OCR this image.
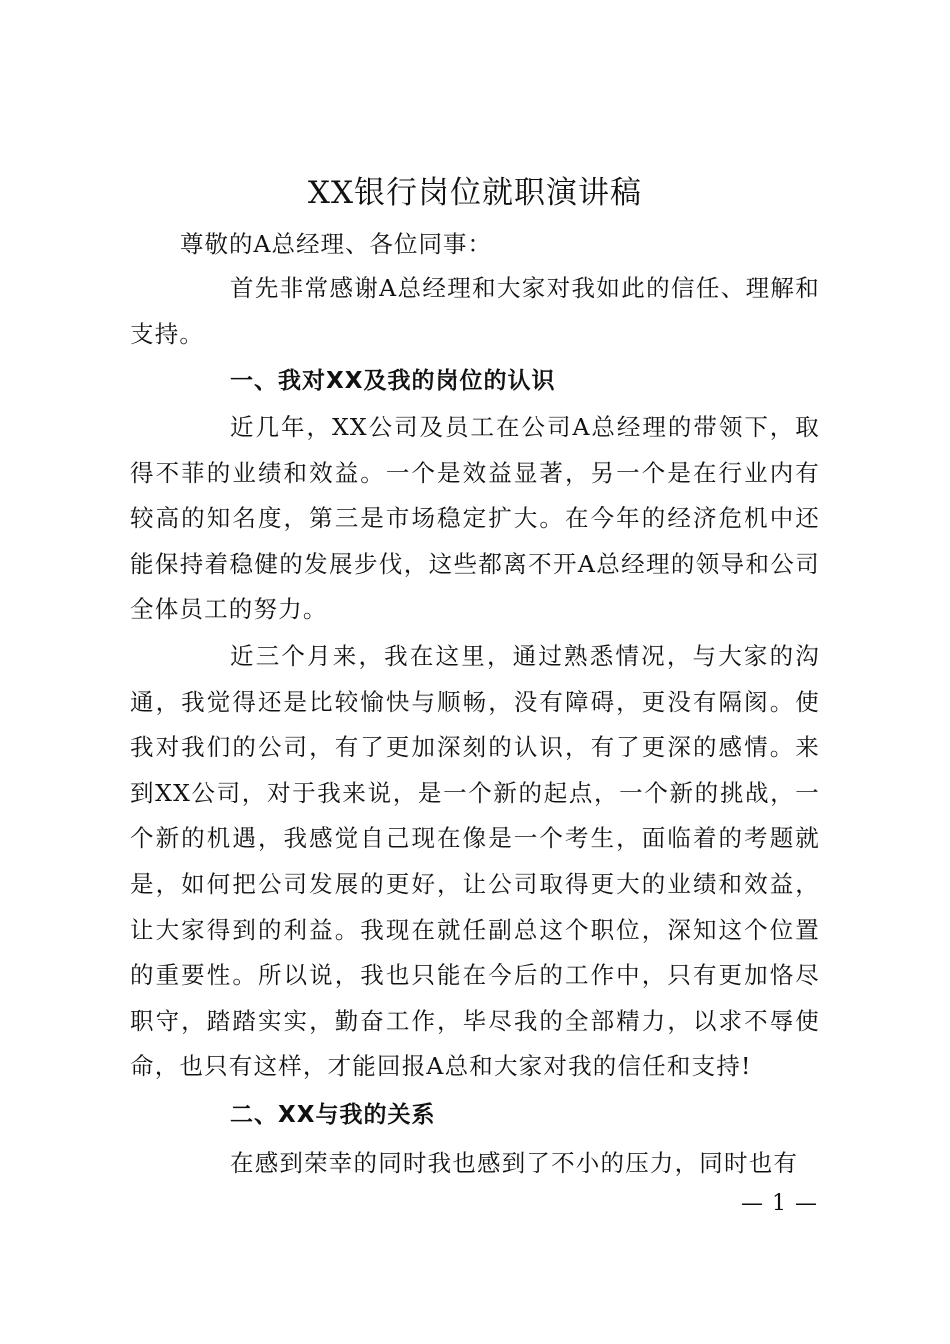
XX银行岗位就职演讲稿
尊敬的A总经理、各位同事：

首先非常感谢A总经理和大家对我如此的信任、理解和支持。

一、我对XX及我的岗位的认识

近几年，XX公司及员工在公司A总经理的带领下，取得不菲的业绩和效益。一个是效益显著，另一个是在行业内有较高的知名度，第三是市场稳定扩大。在今年的经济危机中还能保持着稳健的发展步伐，这些都离不开A总经理的领导和公司全体员工的努力。

近三个月来，我在这里，通过熟悉情况，与大家的沟通，我觉得还是比较愉快与顺畅，没有障碍，更没有隔阂。使我对我们的公司，有了更加深刻的认识，有了更深的感情。来到XX公司，对于我来说，是一个新的起点，一个新的挑战，一个新的机遇，我感觉自己现在像是一个考生，面临着的考题就是，如何把公司发展的更好，让公司取得更大的业绩和效益，让大家得到的利益。我现在就任副总这个职位，深知这个位置的重要性。所以说，我也只能在今后的工作中，只有更加恪尽职守，踏踏实实，勤奋工作，毕尽我的全部精力，以求不辱使命，也只有这样，才能回报A总和大家对我的信任和支持!

二、XX与我的关系

在感到荣幸的同时我也感到了不小的压力，同时也有

— 1 —
